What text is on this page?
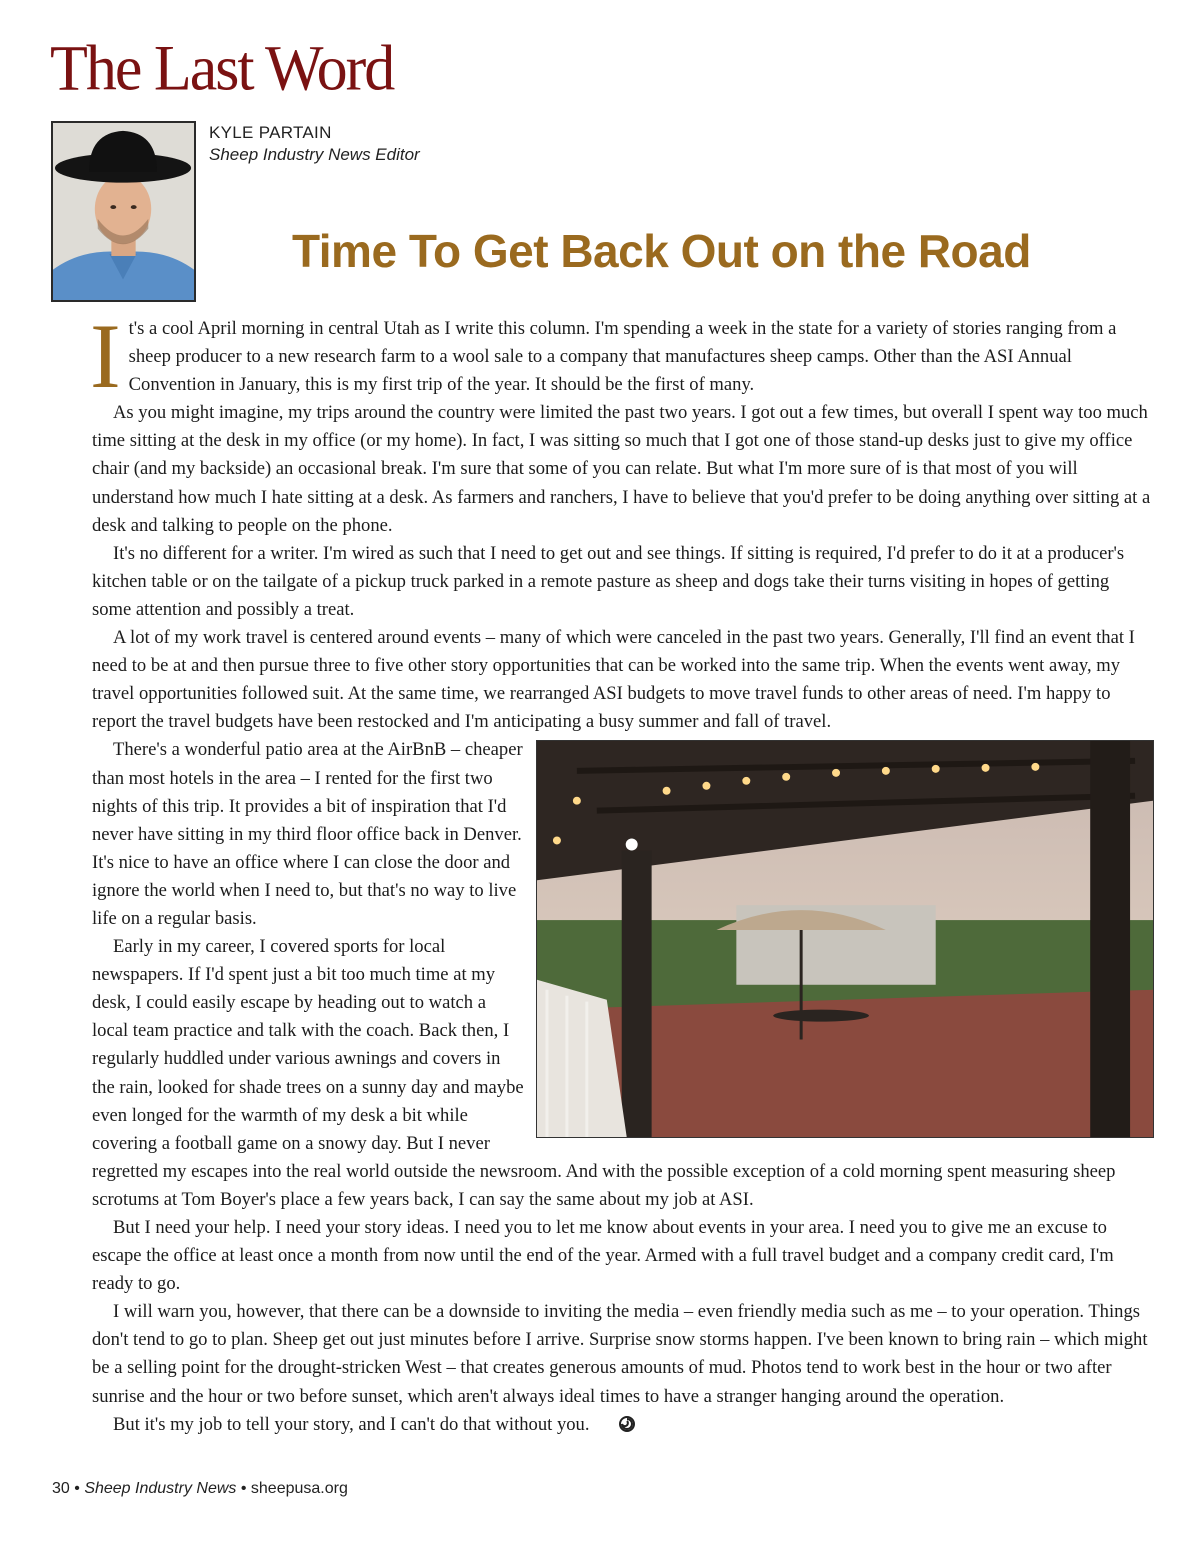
The Last Word
KYLE PARTAIN
Sheep Industry News Editor
Time To Get Back Out on the Road

It's a cool April morning in central Utah as I write this column. I'm spending a week in the state for a variety of stories ranging from a sheep producer to a new research farm to a wool sale to a company that manufactures sheep camps. Other than the ASI Annual Convention in January, this is my first trip of the year. It should be the first of many.

As you might imagine, my trips around the country were limited the past two years. I got out a few times, but overall I spent way too much time sitting at the desk in my office (or my home). In fact, I was sitting so much that I got one of those stand-up desks just to give my office chair (and my backside) an occasional break. I'm sure that some of you can relate. But what I'm more sure of is that most of you will understand how much I hate sitting at a desk. As farmers and ranchers, I have to believe that you'd prefer to be doing anything over sitting at a desk and talking to people on the phone.

It's no different for a writer. I'm wired as such that I need to get out and see things. If sitting is required, I'd prefer to do it at a producer's kitchen table or on the tailgate of a pickup truck parked in a remote pasture as sheep and dogs take their turns visiting in hopes of getting some attention and possibly a treat.

A lot of my work travel is centered around events – many of which were canceled in the past two years. Generally, I'll find an event that I need to be at and then pursue three to five other story opportunities that can be worked into the same trip. When the events went away, my travel opportunities followed suit. At the same time, we rearranged ASI budgets to move travel funds to other areas of need. I'm happy to report the travel budgets have been restocked and I'm anticipating a busy summer and fall of travel.

There's a wonderful patio area at the AirBnB – cheaper than most hotels in the area – I rented for the first two nights of this trip. It provides a bit of inspiration that I'd never have sitting in my third floor office back in Denver. It's nice to have an office where I can close the door and ignore the world when I need to, but that's no way to live life on a regular basis.

Early in my career, I covered sports for local newspapers. If I'd spent just a bit too much time at my desk, I could easily escape by heading out to watch a local team practice and talk with the coach. Back then, I regularly huddled under various awnings and covers in the rain, looked for shade trees on a sunny day and maybe even longed for the warmth of my desk a bit while covering a football game on a snowy day. But I never regretted my escapes into the real world outside the newsroom. And with the possible exception of a cold morning spent measuring sheep scrotums at Tom Boyer's place a few years back, I can say the same about my job at ASI.

But I need your help. I need your story ideas. I need you to let me know about events in your area. I need you to give me an excuse to escape the office at least once a month from now until the end of the year. Armed with a full travel budget and a company credit card, I'm ready to go.

I will warn you, however, that there can be a downside to inviting the media – even friendly media such as me – to your operation. Things don't tend to go to plan. Sheep get out just minutes before I arrive. Surprise snow storms happen. I've been known to bring rain – which might be a selling point for the drought-stricken West – that creates generous amounts of mud. Photos tend to work best in the hour or two after sunrise and the hour or two before sunset, which aren't always ideal times to have a stranger hanging around the operation.

But it's my job to tell your story, and I can't do that without you.

30 • Sheep Industry News • sheepusa.org
